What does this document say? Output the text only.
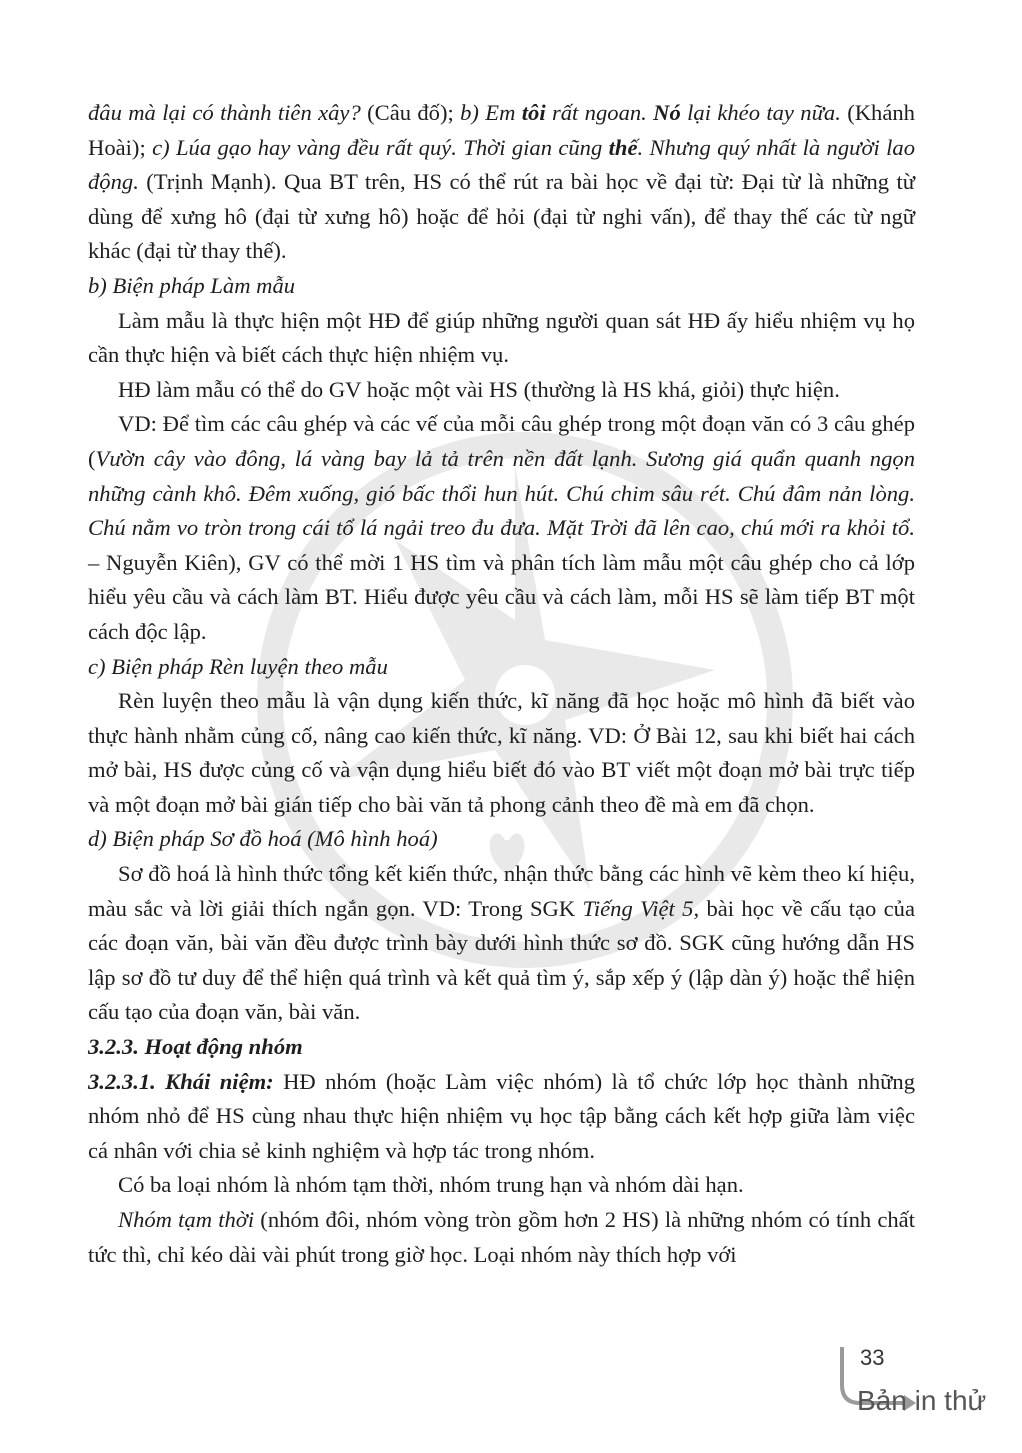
đâu mà lại có thành tiên xây? (Câu đố); b) Em tôi rất ngoan. Nó lại khéo tay nữa. (Khánh Hoài); c) Lúa gạo hay vàng đều rất quý. Thời gian cũng thế. Nhưng quý nhất là người lao động. (Trịnh Mạnh). Qua BT trên, HS có thể rút ra bài học về đại từ: Đại từ là những từ dùng để xưng hô (đại từ xưng hô) hoặc để hỏi (đại từ nghi vấn), để thay thế các từ ngữ khác (đại từ thay thế).

b) Biện pháp Làm mẫu

Làm mẫu là thực hiện một HĐ để giúp những người quan sát HĐ ấy hiểu nhiệm vụ họ cần thực hiện và biết cách thực hiện nhiệm vụ.

HĐ làm mẫu có thể do GV hoặc một vài HS (thường là HS khá, giỏi) thực hiện.

VD: Để tìm các câu ghép và các vế của mỗi câu ghép trong một đoạn văn có 3 câu ghép (Vườn cây vào đông, lá vàng bay lả tả trên nền đất lạnh. Sương giá quẩn quanh ngọn những cành khô. Đêm xuống, gió bấc thổi hun hút. Chú chim sâu rét. Chú đâm nản lòng. Chú nằm vo tròn trong cái tổ lá ngải treo đu đưa. Mặt Trời đã lên cao, chú mới ra khỏi tổ. – Nguyễn Kiên), GV có thể mời 1 HS tìm và phân tích làm mẫu một câu ghép cho cả lớp hiểu yêu cầu và cách làm BT. Hiểu được yêu cầu và cách làm, mỗi HS sẽ làm tiếp BT một cách độc lập.

c) Biện pháp Rèn luyện theo mẫu

Rèn luyện theo mẫu là vận dụng kiến thức, kĩ năng đã học hoặc mô hình đã biết vào thực hành nhằm củng cố, nâng cao kiến thức, kĩ năng. VD: Ở Bài 12, sau khi biết hai cách mở bài, HS được củng cố và vận dụng hiểu biết đó vào BT viết một đoạn mở bài trực tiếp và một đoạn mở bài gián tiếp cho bài văn tả phong cảnh theo đề mà em đã chọn.

d) Biện pháp Sơ đồ hoá (Mô hình hoá)

Sơ đồ hoá là hình thức tổng kết kiến thức, nhận thức bằng các hình vẽ kèm theo kí hiệu, màu sắc và lời giải thích ngắn gọn. VD: Trong SGK Tiếng Việt 5, bài học về cấu tạo của các đoạn văn, bài văn đều được trình bày dưới hình thức sơ đồ. SGK cũng hướng dẫn HS lập sơ đồ tư duy để thể hiện quá trình và kết quả tìm ý, sắp xếp ý (lập dàn ý) hoặc thể hiện cấu tạo của đoạn văn, bài văn.

3.2.3. Hoạt động nhóm

3.2.3.1. Khái niệm: HĐ nhóm (hoặc Làm việc nhóm) là tổ chức lớp học thành những nhóm nhỏ để HS cùng nhau thực hiện nhiệm vụ học tập bằng cách kết hợp giữa làm việc cá nhân với chia sẻ kinh nghiệm và hợp tác trong nhóm.

Có ba loại nhóm là nhóm tạm thời, nhóm trung hạn và nhóm dài hạn.

Nhóm tạm thời (nhóm đôi, nhóm vòng tròn gồm hơn 2 HS) là những nhóm có tính chất tức thì, chỉ kéo dài vài phút trong giờ học. Loại nhóm này thích hợp với

33
Bản in thử
